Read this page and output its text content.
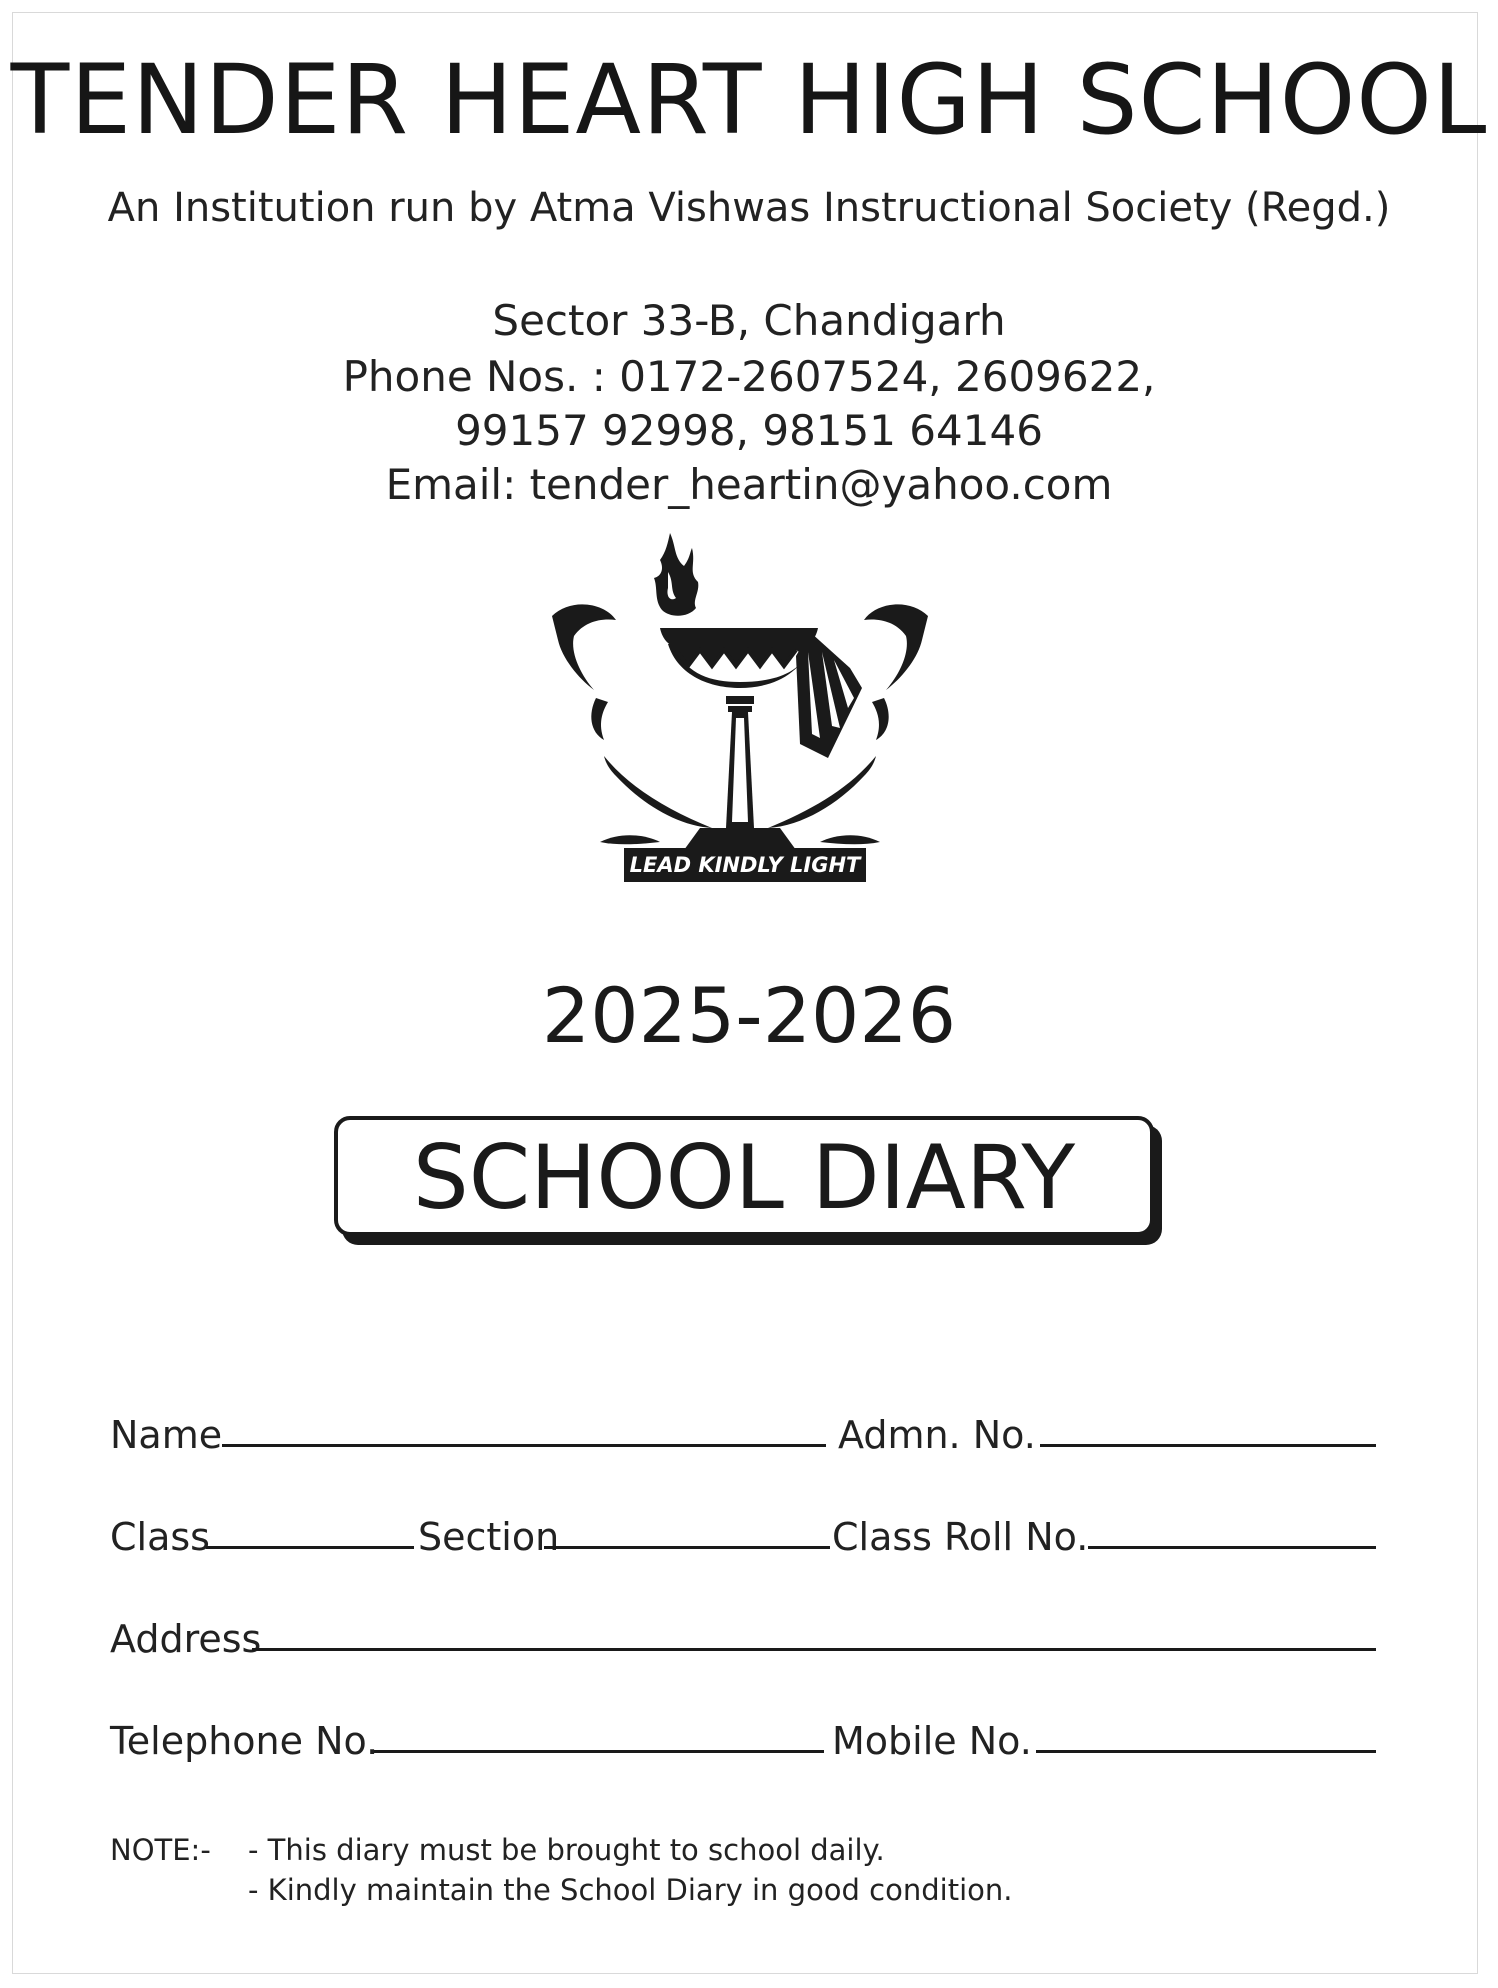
TENDER HEART HIGH SCHOOL
An Institution run by Atma Vishwas Instructional Society (Regd.)
Sector 33-B, Chandigarh
Phone Nos. : 0172-2607524, 2609622,
99157 92998, 98151 64146
Email: tender_heartin@yahoo.com
LEAD KINDLY LIGHT
2025-2026
SCHOOL DIARY
Name	Admn. No.
Class	Section	Class Roll No.
Address
Telephone No.	Mobile No.
NOTE:- - This diary must be brought to school daily.
- Kindly maintain the School Diary in good condition.
